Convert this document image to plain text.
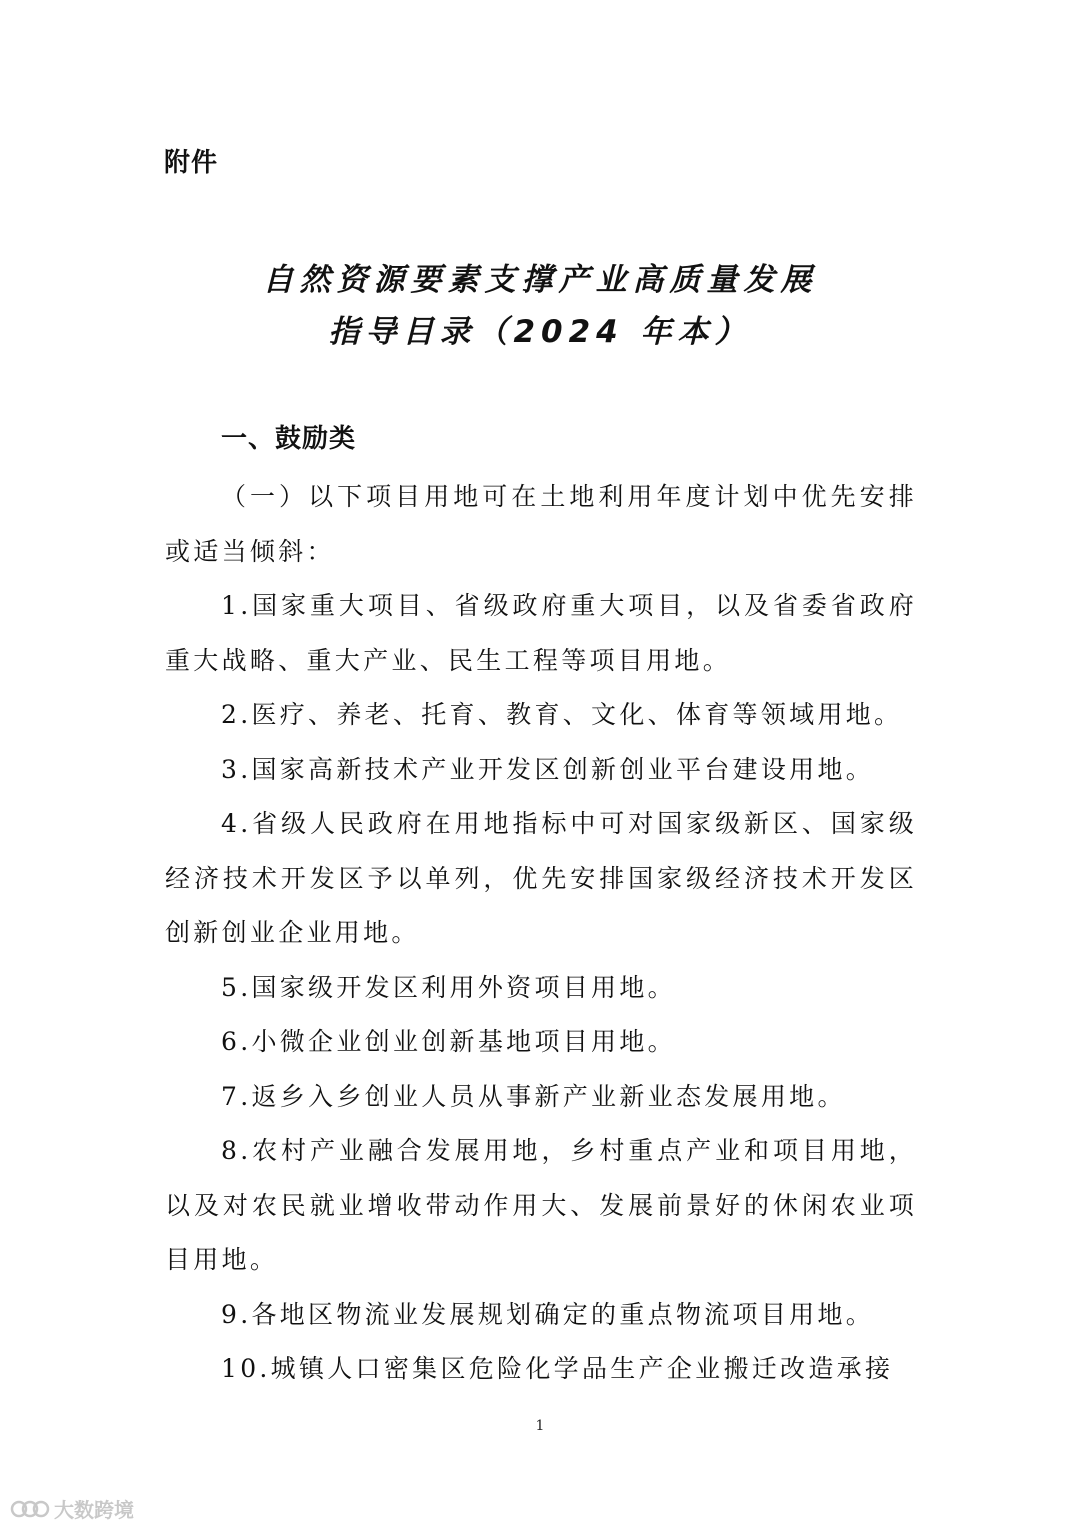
附件
自然资源要素支撑产业高质量发展
指导目录（2024 年本）
一、鼓励类

（一）以下项目用地可在土地利用年度计划中优先安排或适当倾斜：

1.国家重大项目、省级政府重大项目，以及省委省政府重大战略、重大产业、民生工程等项目用地。

2.医疗、养老、托育、教育、文化、体育等领域用地。

3.国家高新技术产业开发区创新创业平台建设用地。

4.省级人民政府在用地指标中可对国家级新区、国家级经济技术开发区予以单列，优先安排国家级经济技术开发区创新创业企业用地。

5.国家级开发区利用外资项目用地。

6.小微企业创业创新基地项目用地。

7.返乡入乡创业人员从事新产业新业态发展用地。

8.农村产业融合发展用地，乡村重点产业和项目用地，以及对农民就业增收带动作用大、发展前景好的休闲农业项目用地。

9.各地区物流业发展规划确定的重点物流项目用地。

10.城镇人口密集区危险化学品生产企业搬迁改造承接

1
大数跨境
